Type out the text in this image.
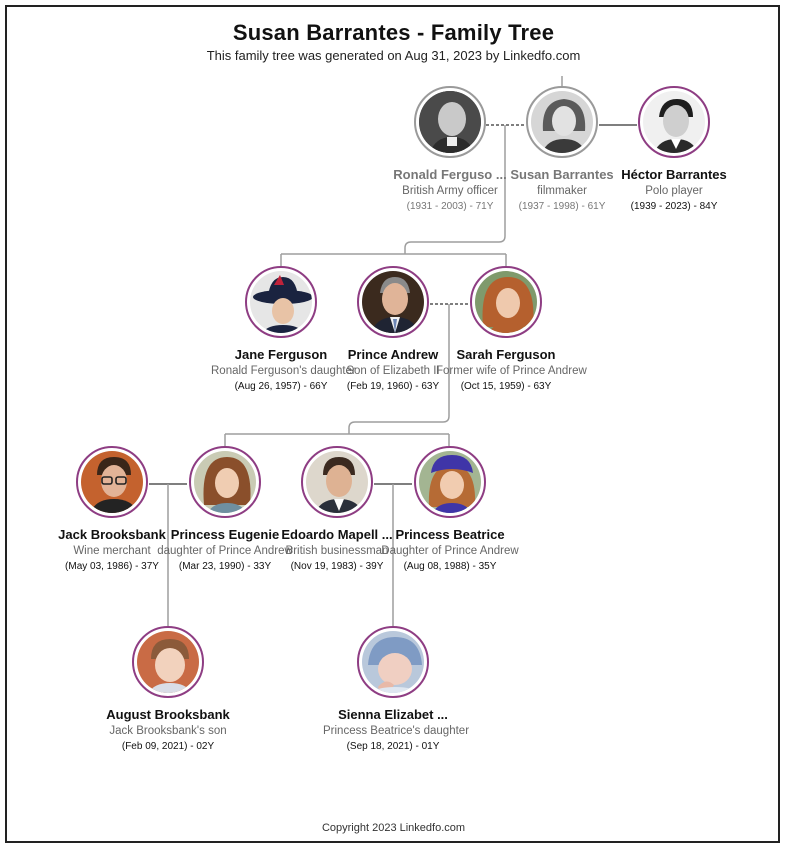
Susan Barrantes - Family Tree
This family tree was generated on Aug 31, 2023 by Linkedfo.com
Ronald Ferguso ...
British Army officer
(1931 - 2003) - 71Y
Susan Barrantes
filmmaker
(1937 - 1998) - 61Y
Héctor Barrantes
Polo player
(1939 - 2023) - 84Y
Jane Ferguson
Ronald Ferguson's daughter
(Aug 26, 1957) - 66Y
Prince Andrew
Son of Elizabeth II
(Feb 19, 1960) - 63Y
Sarah Ferguson
Former wife of Prince Andrew
(Oct 15, 1959) - 63Y
Jack Brooksbank
Wine merchant
(May 03, 1986) - 37Y
Princess Eugenie
daughter of Prince Andrew
(Mar 23, 1990) - 33Y
Edoardo Mapell ...
British businessman
(Nov 19, 1983) - 39Y
Princess Beatrice
Daughter of Prince Andrew
(Aug 08, 1988) - 35Y
August Brooksbank
Jack Brooksbank's son
(Feb 09, 2021) - 02Y
Sienna Elizabet ...
Princess Beatrice's daughter
(Sep 18, 2021) - 01Y
Copyright 2023 Linkedfo.com
